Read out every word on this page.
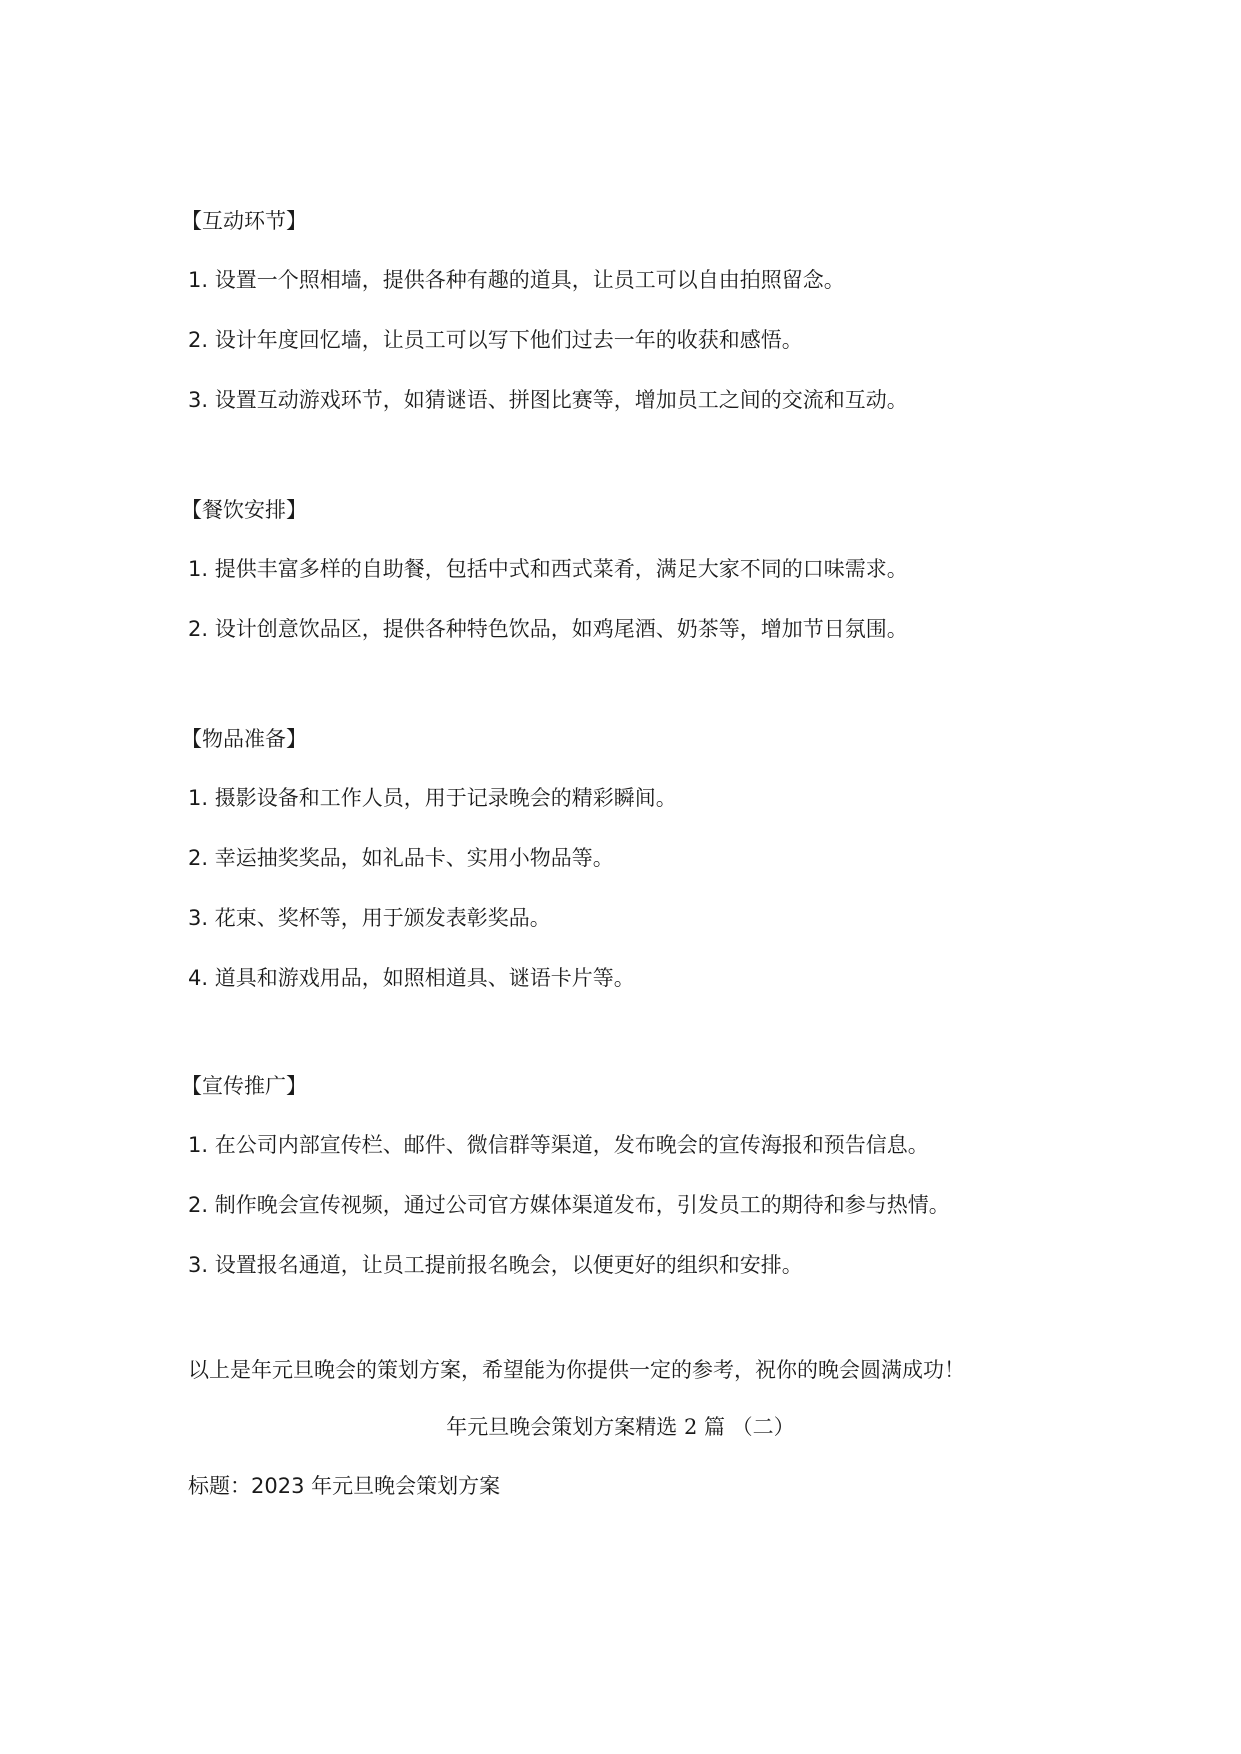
【互动环节】
1. 设置一个照相墙，提供各种有趣的道具，让员工可以自由拍照留念。
2. 设计年度回忆墙，让员工可以写下他们过去一年的收获和感悟。
3. 设置互动游戏环节，如猜谜语、拼图比赛等，增加员工之间的交流和互动。
【餐饮安排】
1. 提供丰富多样的自助餐，包括中式和西式菜肴，满足大家不同的口味需求。
2. 设计创意饮品区，提供各种特色饮品，如鸡尾酒、奶茶等，增加节日氛围。
【物品准备】
1. 摄影设备和工作人员，用于记录晚会的精彩瞬间。
2. 幸运抽奖奖品，如礼品卡、实用小物品等。
3. 花束、奖杯等，用于颁发表彰奖品。
4. 道具和游戏用品，如照相道具、谜语卡片等。
【宣传推广】
1. 在公司内部宣传栏、邮件、微信群等渠道，发布晚会的宣传海报和预告信息。
2. 制作晚会宣传视频，通过公司官方媒体渠道发布，引发员工的期待和参与热情。
3. 设置报名通道，让员工提前报名晚会，以便更好的组织和安排。
以上是年元旦晚会的策划方案，希望能为你提供一定的参考，祝你的晚会圆满成功！
年元旦晚会策划方案精选 2 篇 （二）
标题：2023 年元旦晚会策划方案
